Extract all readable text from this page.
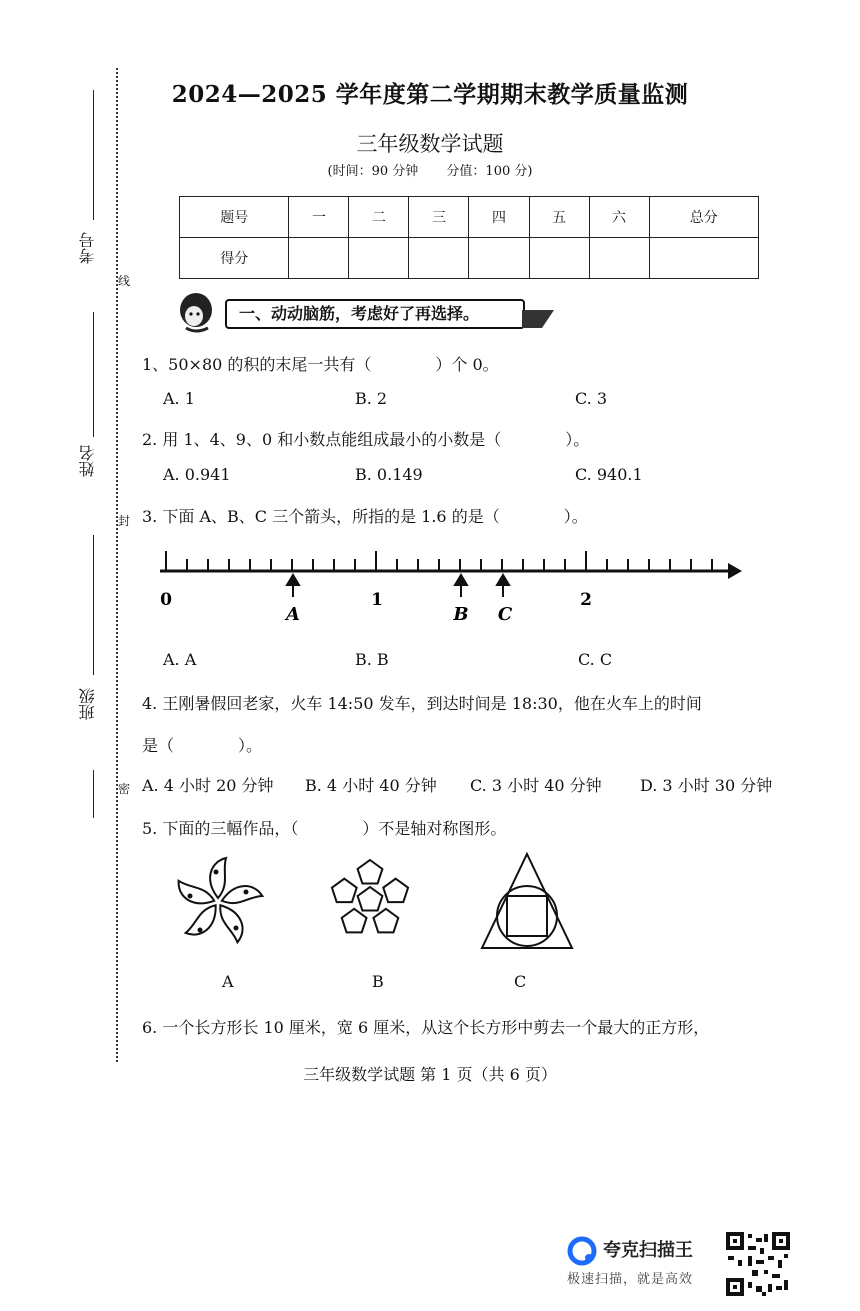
2024—2025 学年度第二学期期末教学质量监测
三年级数学试题
(时间：90 分钟 分值：100 分)
线
封
密
考号
姓名
班级
题号	一	二	三	四	五	六	总分
得分							
一、动动脑筋，考虑好了再选择。
1、50×80 的积的末尾一共有（　　　　）个 0。
A. 1	B. 2	C. 3
2. 用 1、4、9、0 和小数点能组成最小的小数是（　　　　）。
A. 0.941	B. 0.149	C. 940.1
3. 下面 A、B、C 三个箭头，所指的是 1.6 的是（　　　　）。
0	1	2
A	B C
A. A	B. B	C. C
4. 王刚暑假回老家，火车 14:50 发车，到达时间是 18:30，他在火车上的时间
是（　　　　）。
A. 4 小时 20 分钟 B. 4 小时 40 分钟 C. 3 小时 40 分钟 D. 3 小时 30 分钟
5. 下面的三幅作品，（　　　　）不是轴对称图形。
A	B	C
6. 一个长方形长 10 厘米，宽 6 厘米，从这个长方形中剪去一个最大的正方形，
三年级数学试题 第 1 页（共 6 页）
夸克扫描王
极速扫描，就是高效
